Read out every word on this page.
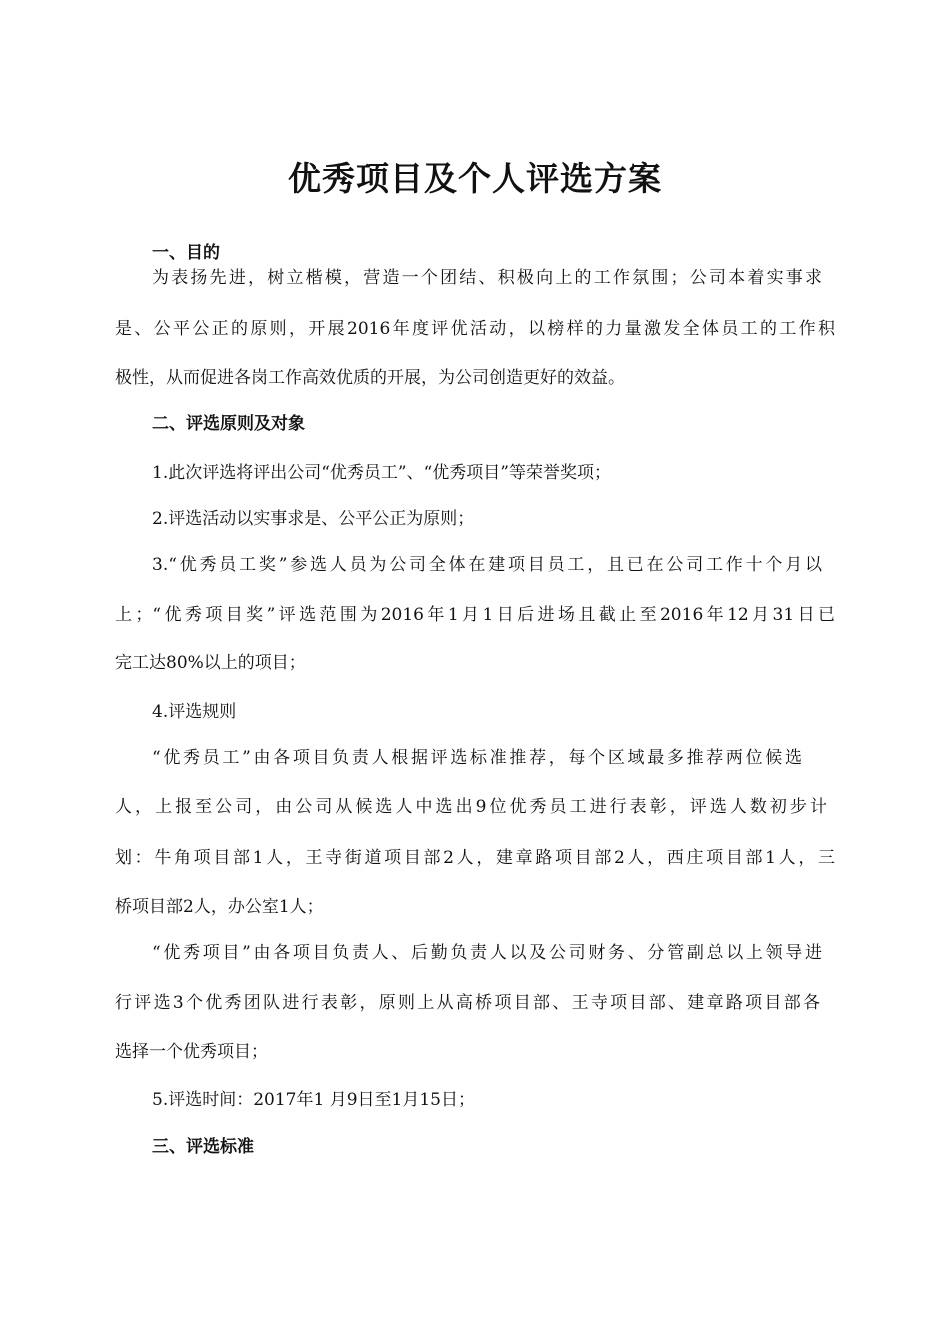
优秀项目及个人评选方案

一、目的

为表扬先进，树立楷模，营造一个团结、积极向上的工作氛围；公司本着实事求

是、公平公正的原则，开展2016年度评优活动，以榜样的力量激发全体员工的工作积

极性，从而促进各岗工作高效优质的开展，为公司创造更好的效益。

二、评选原则及对象

1.此次评选将评出公司“优秀员工”、“优秀项目”等荣誉奖项；

2.评选活动以实事求是、公平公正为原则；

3.“优秀员工奖”参选人员为公司全体在建项目员工，且已在公司工作十个月以

上；“优秀项目奖”评选范围为2016年1月1日后进场且截止至2016年12月31日已

完工达80%以上的项目；

4.评选规则

“优秀员工”由各项目负责人根据评选标准推荐，每个区域最多推荐两位候选

人，上报至公司，由公司从候选人中选出9位优秀员工进行表彰，评选人数初步计

划：牛角项目部1人，王寺街道项目部2人，建章路项目部2人，西庄项目部1人，三

桥项目部2人，办公室1人；

“优秀项目”由各项目负责人、后勤负责人以及公司财务、分管副总以上领导进

行评选3个优秀团队进行表彰，原则上从高桥项目部、王寺项目部、建章路项目部各

选择一个优秀项目；

5.评选时间：2017年1 月9日至1月15日；

三、评选标准
